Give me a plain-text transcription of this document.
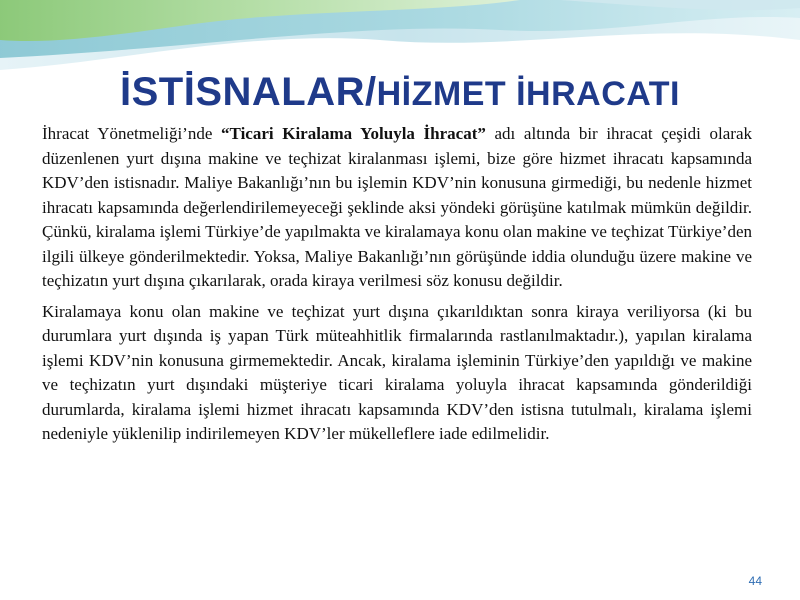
İSTİSNALAR/HİZMET İHRACATI

İhracat Yönetmeliği’nde “Ticari Kiralama Yoluyla İhracat” adı altında bir ihracat çeşidi olarak düzenlenen yurt dışına makine ve teçhizat kiralanması işlemi, bize göre hizmet ihracatı kapsamında KDV’den istisnadır. Maliye Bakanlığı’nın bu işlemin KDV’nin konusuna girmediği, bu nedenle hizmet ihracatı kapsamında değerlendirilemeyeceği şeklinde aksi yöndeki görüşüne katılmak mümkün değildir. Çünkü, kiralama işlemi Türkiye’de yapılmakta ve kiralamaya konu olan makine ve teçhizat Türkiye’den ilgili ülkeye gönderilmektedir. Yoksa, Maliye Bakanlığı’nın görüşünde iddia olunduğu üzere makine ve teçhizatın yurt dışına çıkarılarak, orada kiraya verilmesi söz konusu değildir.

Kiralamaya konu olan makine ve teçhizat yurt dışına çıkarıldıktan sonra kiraya veriliyorsa (ki bu durumlara yurt dışında iş yapan Türk müteahhitlik firmalarında rastlanılmaktadır.), yapılan kiralama işlemi KDV’nin konusuna girmemektedir. Ancak, kiralama işleminin Türkiye’den yapıldığı ve makine ve teçhizatın yurt dışındaki müşteriye ticari kiralama yoluyla ihracat kapsamında gönderildiği durumlarda, kiralama işlemi hizmet ihracatı kapsamında KDV’den istisna tutulmalı, kiralama işlemi nedeniyle yüklenilip indirilemeyen KDV’ler mükelleflere iade edilmelidir.

44
